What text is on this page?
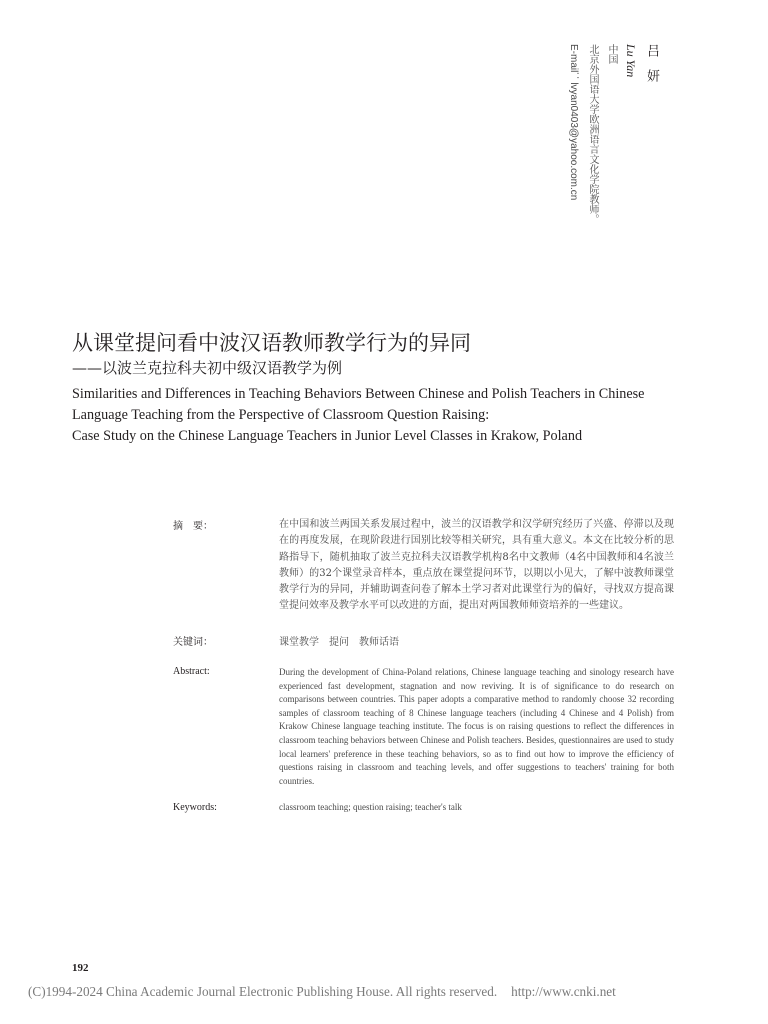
吕 妍
Lu Yan
中国
北京外国语大学欧洲语言文化学院教师。
E-mail：lvyan0403@yahoo.com.cn
从课堂提问看中波汉语教师教学行为的异同
——以波兰克拉科夫初中级汉语教学为例
Similarities and Differences in Teaching Behaviors Between Chinese and Polish Teachers in Chinese
Language Teaching from the Perspective of Classroom Question Raising:
Case Study on the Chinese Language Teachers in Junior Level Classes in Krakow, Poland
摘　要：	在中国和波兰两国关系发展过程中，波兰的汉语教学和汉学研究经历了兴盛、停滞以及现在的再度发展，在现阶段进行国别比较等相关研究，具有重大意义。本文在比较分析的思路指导下，随机抽取了波兰克拉科夫汉语教学机构8名中文教师（4名中国教师和4名波兰教师）的32个课堂录音样本，重点放在课堂提问环节，以期以小见大，了解中波教师课堂教学行为的异同，并辅助调查问卷了解本土学习者对此课堂行为的偏好，寻找双方提高课堂提问效率及教学水平可以改进的方面，提出对两国教师师资培养的一些建议。
关键词：	课堂教学　提问　教师话语
Abstract:	During the development of China-Poland relations, Chinese language teaching and sinology research have experienced fast development, stagnation and now reviving. It is of significance to do research on comparisons between countries. This paper adopts a comparative method to randomly choose 32 recording samples of classroom teaching of 8 Chinese language teachers (including 4 Chinese and 4 Polish) from Krakow Chinese language teaching institute. The focus is on raising questions to reflect the differences in classroom teaching behaviors between Chinese and Polish teachers. Besides, questionnaires are used to study local learners' preference in these teaching behaviors, so as to find out how to improve the efficiency of questions raising in classroom and teaching levels, and offer suggestions to teachers' training for both countries.
Keywords:	classroom teaching; question raising; teacher's talk
192
(C)1994-2024 China Academic Journal Electronic Publishing House. All rights reserved. http://www.cnki.net
